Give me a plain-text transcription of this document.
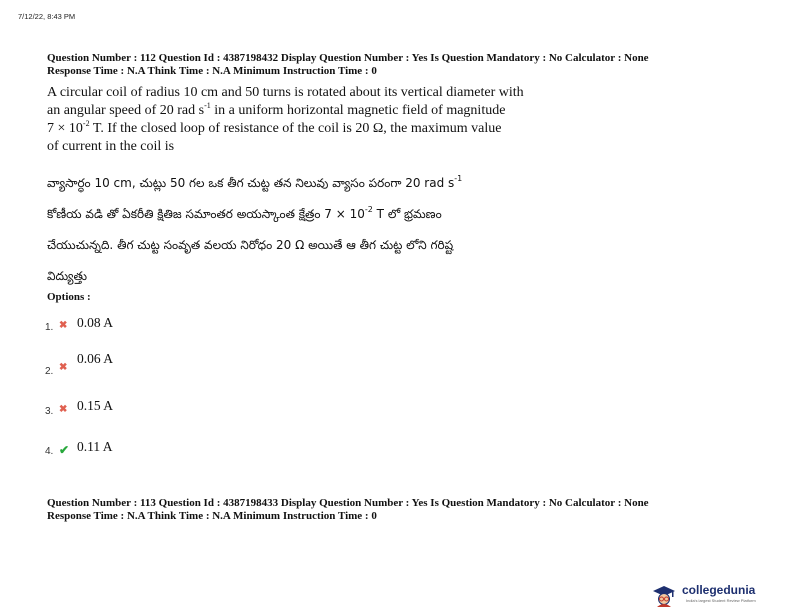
7/12/22, 8:43 PM
Question Number : 112 Question Id : 4387198432 Display Question Number : Yes Is Question Mandatory : No Calculator : None
Response Time : N.A Think Time : N.A Minimum Instruction Time : 0

A circular coil of radius 10 cm and 50 turns is rotated about its vertical diameter with

an angular speed of 20 rad $s^{-1}$ in a uniform horizontal magnetic field of magnitude

$7 \times 10^{-2}$ T. If the closed loop of resistance of the coil is 20 Ω, the maximum value

of current in the coil is

వ్యాసార్ధం 10 cm, చుట్లు 50 గల ఒక తీగ చుట్ట తన నిలువు వ్యాసం పరంగా 20 rad $s^{-1}$

కోణీయ వడి తో ఏకరీతి క్షితిజ సమాంతర అయస్కాంత క్షేత్రం $7 \times 10^{-2}$ T లో భ్రమణం

చేయుచున్నది. తీగ చుట్ట సంవృత వలయ నిరోధం 20 Ω అయితే ఆ తీగ చుట్ట లోని గరిష్ట

విద్యుత్తు

Options :
1. ✖ 0.08 A
2. ✖
0.06 A
3. ✖ 0.15 A
4. ✔ 0.11 A
Question Number : 113 Question Id : 4387198433 Display Question Number : Yes Is Question Mandatory : No Calculator : None
Response Time : N.A Think Time : N.A Minimum Instruction Time : 0
collegedunia
India's largest Student Review Platform
